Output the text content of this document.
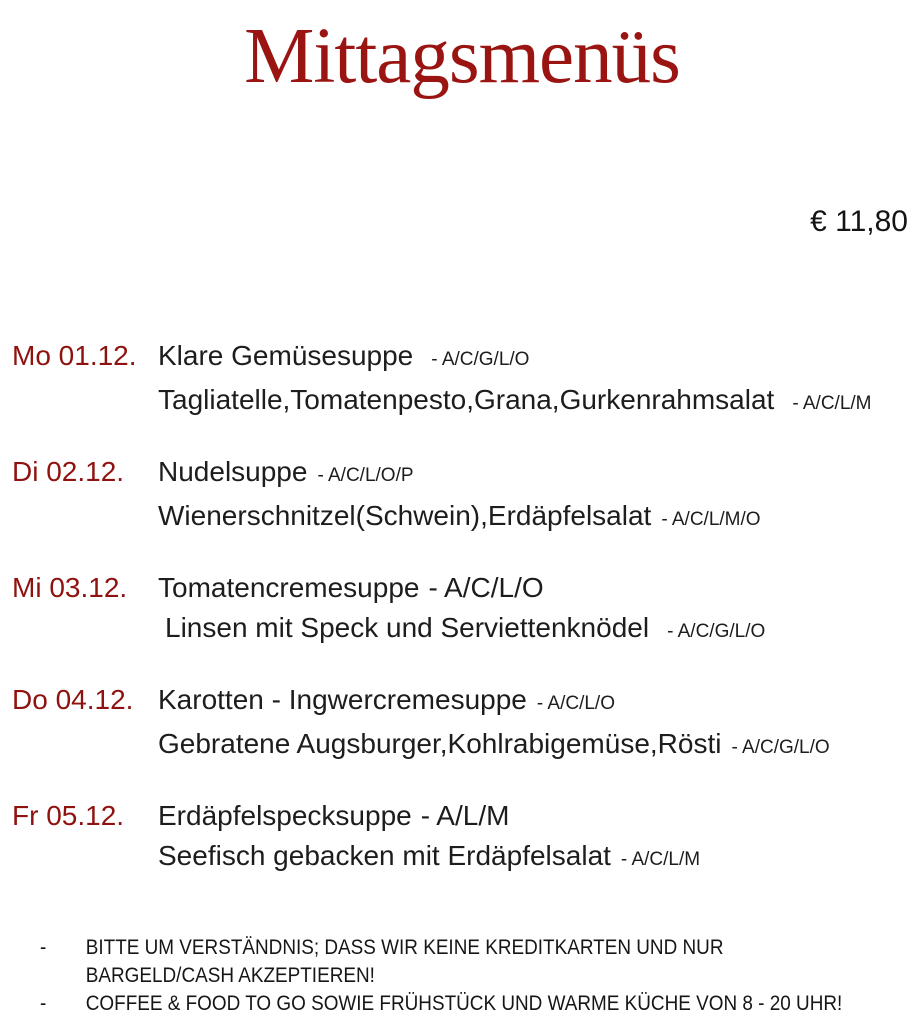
Mittagsmenüs
€ 11,80
Mo 01.12. Klare Gemüsesuppe - A/C/G/L/O
Tagliatelle,Tomatenpesto,Grana,Gurkenrahmsalat - A/C/L/M
Di 02.12.	Nudelsuppe - A/C/L/O/P
Wienerschnitzel(Schwein),Erdäpfelsalat - A/C/L/M/O
Mi 03.12.	Tomatencremesuppe - A/C/L/O
Linsen mit Speck und Serviettenknödel - A/C/G/L/O
Do 04.12. Karotten - Ingwercremesuppe - A/C/L/O
Gebratene Augsburger,Kohlrabigemüse,Rösti - A/C/G/L/O
Fr 05.12.	Erdäpfelspecksuppe - A/L/M
Seefisch gebacken mit Erdäpfelsalat - A/C/L/M
-	BITTE UM VERSTÄNDNIS; DASS WIR KEINE KREDITKARTEN UND NUR
BARGELD/CASH AKZEPTIEREN!
-	COFFEE & FOOD TO GO SOWIE FRÜHSTÜCK UND WARME KÜCHE VON 8 - 20 UHR!
